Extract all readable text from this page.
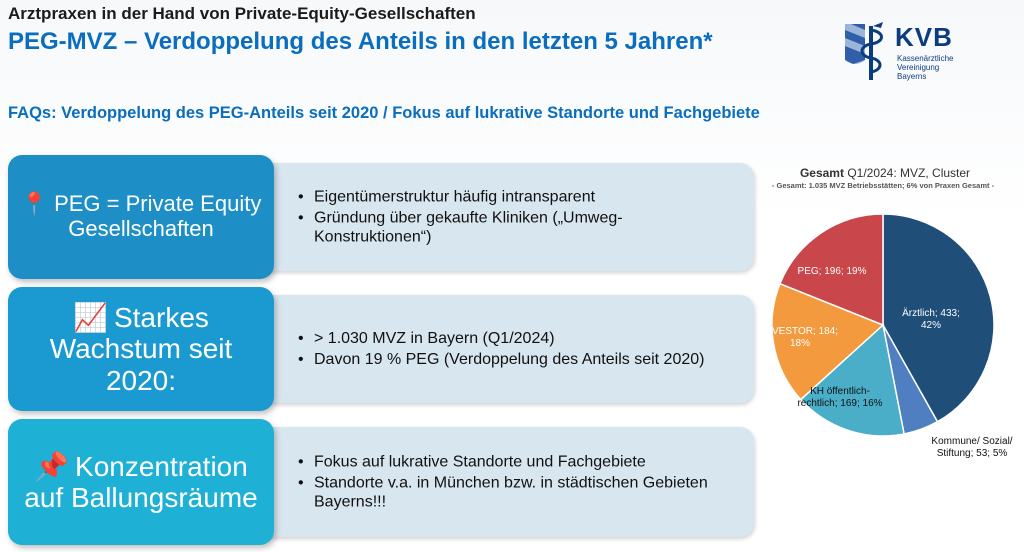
Arztpraxen in der Hand von Private-Equity-Gesellschaften
PEG-MVZ – Verdoppelung des Anteils in den letzten 5 Jahren*	KVB
Kassenärztliche
Vereinigung
Bayerns
FAQs: Verdoppelung des PEG-Anteils seit 2020 / Fokus auf lukrative Standorte und Fachgebiete
• Eigentümerstruktur häufig intransparent
• Gründung über gekaufte Kliniken („Umweg-Konstruktionen“)
📍 PEG = Private Equity Gesellschaften
• > 1.030 MVZ in Bayern (Q1/2024)
• Davon 19 % PEG (Verdoppelung des Anteils seit 2020)
📈 Starkes Wachstum seit 2020:
• Fokus auf lukrative Standorte und Fachgebiete
• Standorte v.a. in München bzw. in städtischen Gebieten Bayerns!!!
📌 Konzentration auf Ballungsräume
Gesamt Q1/2024: MVZ, Cluster
- Gesamt: 1.035 MVZ Betriebsstätten; 6% von Praxen Gesamt -
Ärztlich; 433; 42%
Kommune/ Sozial/ Stiftung; 53; 5%
KH öffentlich-rechtlich; 169; 16%
INVESTOR; 184; 18%
PEG; 196; 19%
